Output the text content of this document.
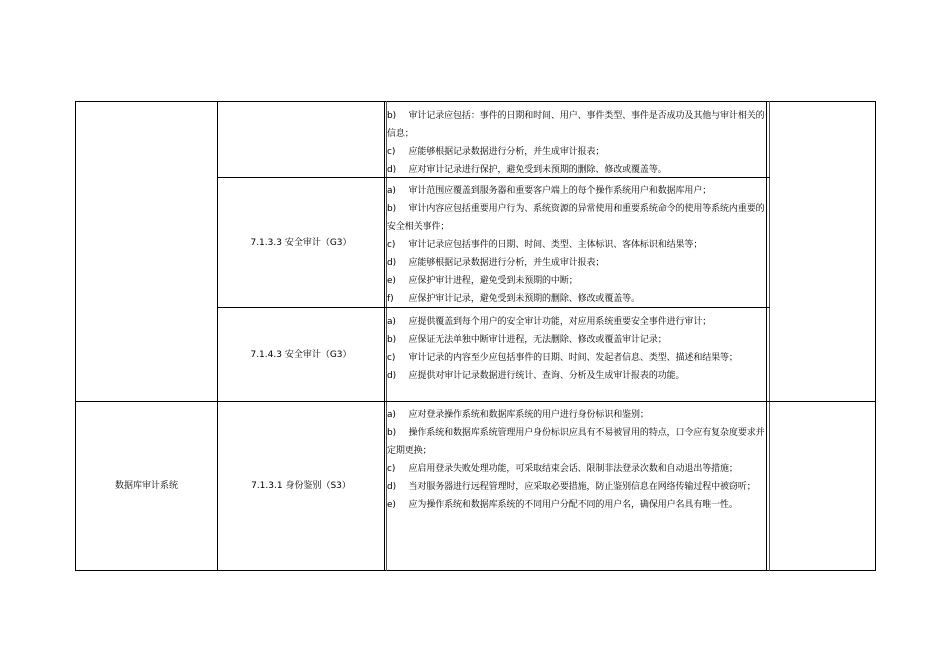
b) 审计记录应包括：事件的日期和时间、用户、事件类型、事件是否成功及其他与审计相关的信息；
c) 应能够根据记录数据进行分析，并生成审计报表；
d) 应对审计记录进行保护，避免受到未预期的删除、修改或覆盖等。
7.1.3.3 安全审计（G3）
a) 审计范围应覆盖到服务器和重要客户端上的每个操作系统用户和数据库用户；
b) 审计内容应包括重要用户行为、系统资源的异常使用和重要系统命令的使用等系统内重要的安全相关事件；
c) 审计记录应包括事件的日期、时间、类型、主体标识、客体标识和结果等；
d) 应能够根据记录数据进行分析，并生成审计报表；
e) 应保护审计进程，避免受到未预期的中断；
f) 应保护审计记录，避免受到未预期的删除、修改或覆盖等。
7.1.4.3 安全审计（G3）
a) 应提供覆盖到每个用户的安全审计功能，对应用系统重要安全事件进行审计；
b) 应保证无法单独中断审计进程，无法删除、修改或覆盖审计记录；
c) 审计记录的内容至少应包括事件的日期、时间、发起者信息、类型、描述和结果等；
d) 应提供对审计记录数据进行统计、查询、分析及生成审计报表的功能。
数据库审计系统	7.1.3.1 身份鉴别（S3）
a) 应对登录操作系统和数据库系统的用户进行身份标识和鉴别；
b) 操作系统和数据库系统管理用户身份标识应具有不易被冒用的特点，口令应有复杂度要求并定期更换；
c) 应启用登录失败处理功能，可采取结束会话、限制非法登录次数和自动退出等措施；
d) 当对服务器进行远程管理时，应采取必要措施，防止鉴别信息在网络传输过程中被窃听；
e) 应为操作系统和数据库系统的不同用户分配不同的用户名，确保用户名具有唯一性。
